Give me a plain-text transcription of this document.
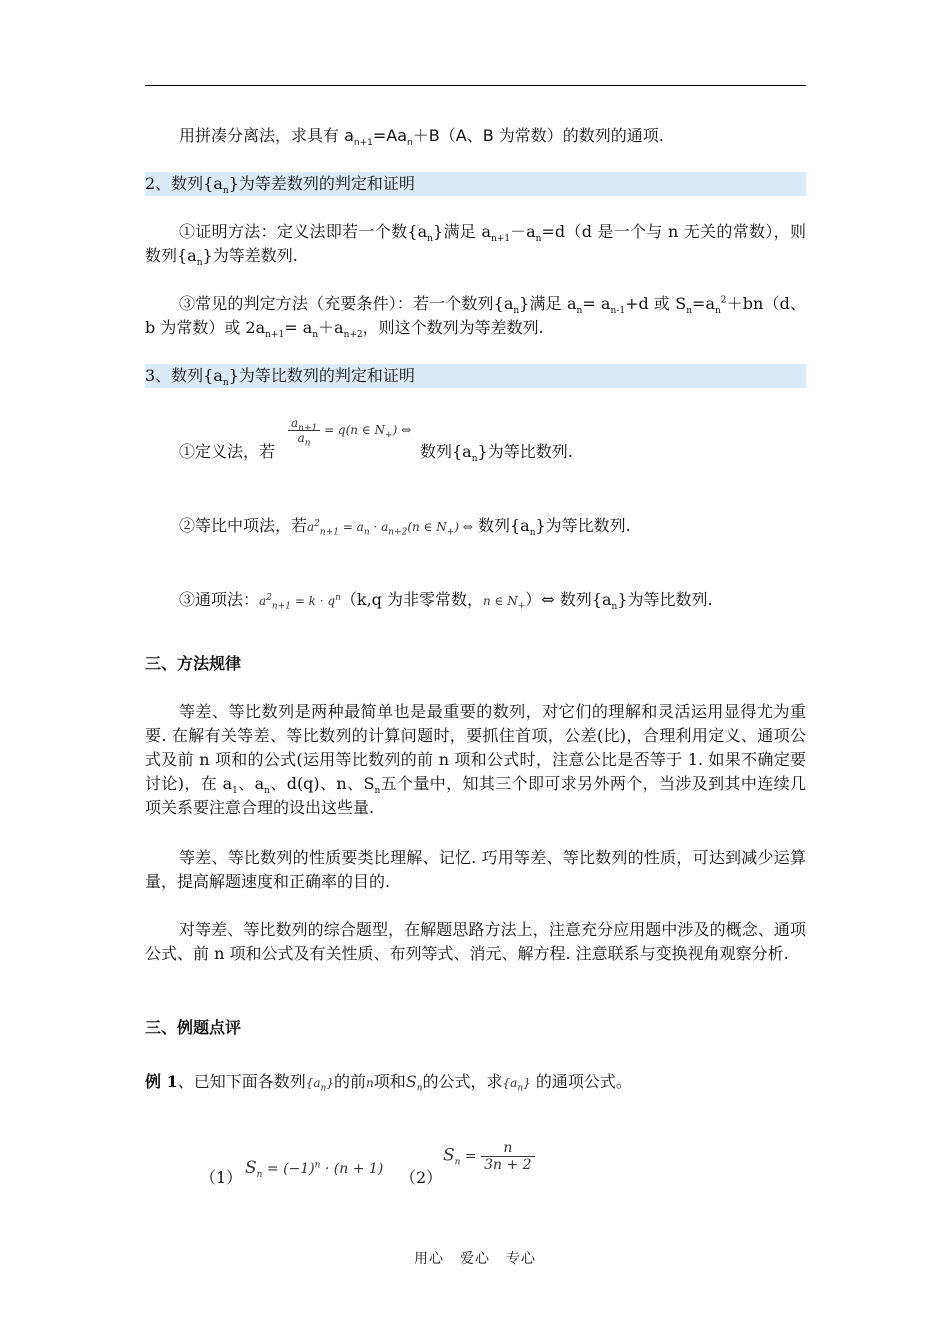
用拼凑分离法，求具有 $a_{n+1}=Aa_n+B(A$、B 为常数）的数列的通项.
2、数列$\{a_n\}$为等差数列的判定和证明
①证明方法：定义法即若一个数$\{a_n\}$满足 $a_{n+1}-a_n=d(d$ 是一个与 n 无关的常数），则数列$\{a_n\}$为等差数列.
③常见的判定方法（充要条件）：若一个数列$\{a_n\}$满足 $a_n= a_{n-1}+d$ 或 $S_n=a_n^2+bn(d$、b 为常数）或 $2a_{n+1}= a_n+a_{n+2}$，则这个数列为等差数列.
3、数列$\{a_n\}$为等比数列的判定和证明
①定义法，若
$\frac{a_{n+1}}{a_n} = q(n$ ∈ $N_+$) ⇔
数列$\{a_n\}$为等比数列.
②等比中项法，若$a^2_{n+1} = a_n \cdot a_{n+2}(n$ ∈ $N_+$) ⇔ 数列$\{a_n\}$为等比数列.
③通项法：$a^2_{n+1} = k \cdot q^n(k,q$ 为非零常数，n ∈ $N_+)\Leftrightarrow$ 数列$\{a_n\}$为等比数列.
三、方法规律
等差、等比数列是两种最简单也是最重要的数列，对它们的理解和灵活运用显得尤为重要. 在解有关等差、等比数列的计算问题时，要抓住首项，公差(比)，合理利用定义、通项公式及前 n 项和的公式(运用等比数列的前 n 项和公式时，注意公比是否等于 1. 如果不确定要讨论)，在 $a_1$、$a_n$、d(q)、n、$S_n$五个量中，知其三个即可求另外两个，当涉及到其中连续几项关系要注意合理的设出这些量.
等差、等比数列的性质要类比理解、记忆. 巧用等差、等比数列的性质，可达到减少运算量，提高解题速度和正确率的目的.
对等差、等比数列的综合题型，在解题思路方法上，注意充分应用题中涉及的概念、通项公式、前 n 项和公式及有关性质、布列等式、消元、解方程. 注意联系与变换视角观察分析.
三、例题点评
例 1、已知下面各数列$\{a_n\}$的前n项和$S_n$的公式，求$\{a_n\}$ 的通项公式。
（1） $S_n = (-1)^n \cdot (n + 1)$ （2）
$S_n = \frac{n}{3n + 2}$
用心 爱心 专心
